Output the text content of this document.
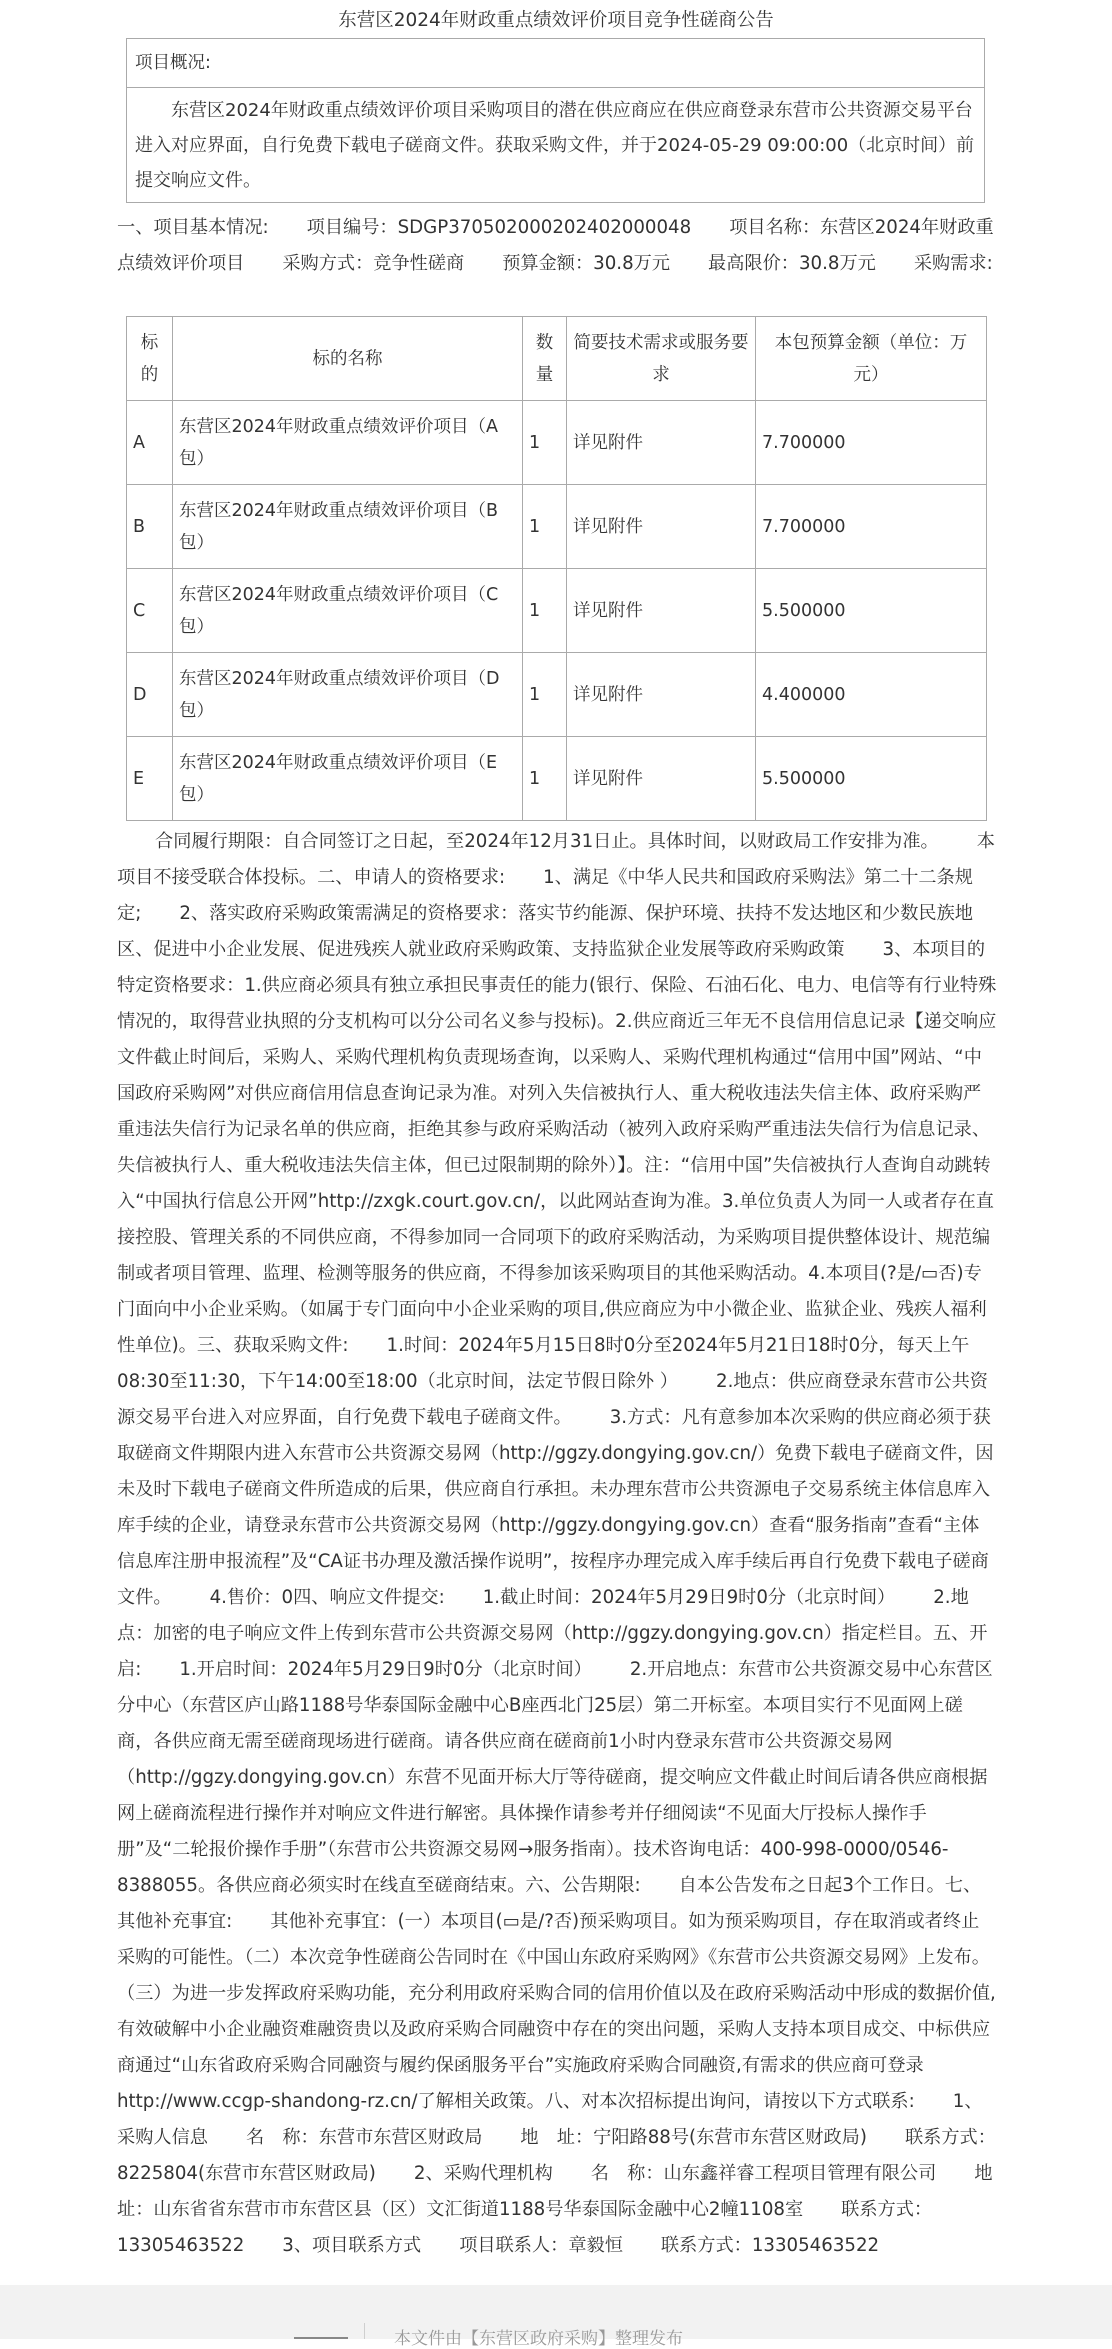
东营区2024年财政重点绩效评价项目竞争性磋商公告
项目概况:
东营区2024年财政重点绩效评价项目采购项目的潜在供应商应在供应商登录东营市公共资源交易平台进入对应界面，自行免费下载电子磋商文件。获取采购文件，并于2024-05-29 09:00:00（北京时间）前提交响应文件。
一、项目基本情况: 项目编号：SDGP370502000202402000048 项目名称：东营区2024年财政重点绩效评价项目 采购方式：竞争性磋商 预算金额：30.8万元 最高限价：30.8万元 采购需求:
标的	标的名称	数量	简要技术需求或服务要求	本包预算金额（单位：万元）
A	东营区2024年财政重点绩效评价项目（A包）	1	详见附件	7.700000
B	东营区2024年财政重点绩效评价项目（B包）	1	详见附件	7.700000
C	东营区2024年财政重点绩效评价项目（C包）	1	详见附件	5.500000
D	东营区2024年财政重点绩效评价项目（D包）	1	详见附件	4.400000
E	东营区2024年财政重点绩效评价项目（E包）	1	详见附件	5.500000
合同履行期限：自合同签订之日起，至2024年12月31日止。具体时间，以财政局工作安排为准。 本项目不接受联合体投标。二、申请人的资格要求: 1、满足《中华人民共和国政府采购法》第二十二条规定; 2、落实政府采购政策需满足的资格要求：落实节约能源、保护环境、扶持不发达地区和少数民族地区、促进中小企业发展、促进残疾人就业政府采购政策、支持监狱企业发展等政府采购政策 3、本项目的特定资格要求：1.供应商必须具有独立承担民事责任的能力(银行、保险、石油石化、电力、电信等有行业特殊情况的，取得营业执照的分支机构可以分公司名义参与投标)。2.供应商近三年无不良信用信息记录【递交响应文件截止时间后，采购人、采购代理机构负责现场查询，以采购人、采购代理机构通过“信用中国”网站、“中国政府采购网”对供应商信用信息查询记录为准。对列入失信被执行人、重大税收违法失信主体、政府采购严重违法失信行为记录名单的供应商，拒绝其参与政府采购活动（被列入政府采购严重违法失信行为信息记录、失信被执行人、重大税收违法失信主体，但已过限制期的除外）】。注：“信用中国”失信被执行人查询自动跳转入“中国执行信息公开网”http://zxgk.court.gov.cn/，以此网站查询为准。3.单位负责人为同一人或者存在直接控股、管理关系的不同供应商，不得参加同一合同项下的政府采购活动，为采购项目提供整体设计、规范编制或者项目管理、监理、检测等服务的供应商，不得参加该采购项目的其他采购活动。4.本项目(?是/▭否)专门面向中小企业采购。（如属于专门面向中小企业采购的项目,供应商应为中小微企业、监狱企业、残疾人福利性单位)。三、获取采购文件: 1.时间：2024年5月15日8时0分至2024年5月21日18时0分，每天上午08:30至11:30，下午14:00至18:00（北京时间，法定节假日除外 ） 2.地点：供应商登录东营市公共资源交易平台进入对应界面，自行免费下载电子磋商文件。 3.方式：凡有意参加本次采购的供应商必须于获取磋商文件期限内进入东营市公共资源交易网（http://ggzy.dongying.gov.cn/）免费下载电子磋商文件，因未及时下载电子磋商文件所造成的后果，供应商自行承担。未办理东营市公共资源电子交易系统主体信息库入库手续的企业，请登录东营市公共资源交易网（http://ggzy.dongying.gov.cn）查看“服务指南”查看“主体信息库注册申报流程”及“CA证书办理及激活操作说明”，按程序办理完成入库手续后再自行免费下载电子磋商文件。 4.售价：0四、响应文件提交: 1.截止时间：2024年5月29日9时0分（北京时间） 2.地　点：加密的电子响应文件上传到东营市公共资源交易网（http://ggzy.dongying.gov.cn）指定栏目。五、开启: 1.开启时间：2024年5月29日9时0分（北京时间） 2.开启地点：东营市公共资源交易中心东营区分中心（东营区庐山路1188号华泰国际金融中心B座西北门25层）第二开标室。本项目实行不见面网上磋商，各供应商无需至磋商现场进行磋商。请各供应商在磋商前1小时内登录东营市公共资源交易网（http://ggzy.dongying.gov.cn）东营不见面开标大厅等待磋商，提交响应文件截止时间后请各供应商根据网上磋商流程进行操作并对响应文件进行解密。具体操作请参考并仔细阅读“不见面大厅投标人操作手册”及“二轮报价操作手册”（东营市公共资源交易网→服务指南）。技术咨询电话：400-998-0000/0546-8388055。各供应商必须实时在线直至磋商结束。六、公告期限: 自本公告发布之日起3个工作日。七、其他补充事宜: 其他补充事宜：(一）本项目(▭是/?否)预采购项目。如为预采购项目，存在取消或者终止采购的可能性。（二）本次竞争性磋商公告同时在《中国山东政府采购网》《东营市公共资源交易网》上发布。（三）为进一步发挥政府采购功能，充分利用政府采购合同的信用价值以及在政府采购活动中形成的数据价值,有效破解中小企业融资难融资贵以及政府采购合同融资中存在的突出问题，采购人支持本项目成交、中标供应商通过“山东省政府采购合同融资与履约保函服务平台”实施政府采购合同融资,有需求的供应商可登录http://www.ccgp-shandong-rz.cn/了解相关政策。八、对本次招标提出询问，请按以下方式联系: 1、采购人信息 名　称：东营市东营区财政局 地　址：宁阳路88号(东营市东营区财政局) 联系方式：8225804(东营市东营区财政局) 2、采购代理机构 名　称：山东鑫祥睿工程项目管理有限公司 地　址：山东省省东营市市东营区县（区）文汇街道1188号华泰国际金融中心2幢1108室 联系方式：13305463522 3、项目联系方式 项目联系人：章毅恒 联系方式：13305463522
本文件由【东营区政府采购】整理发布
